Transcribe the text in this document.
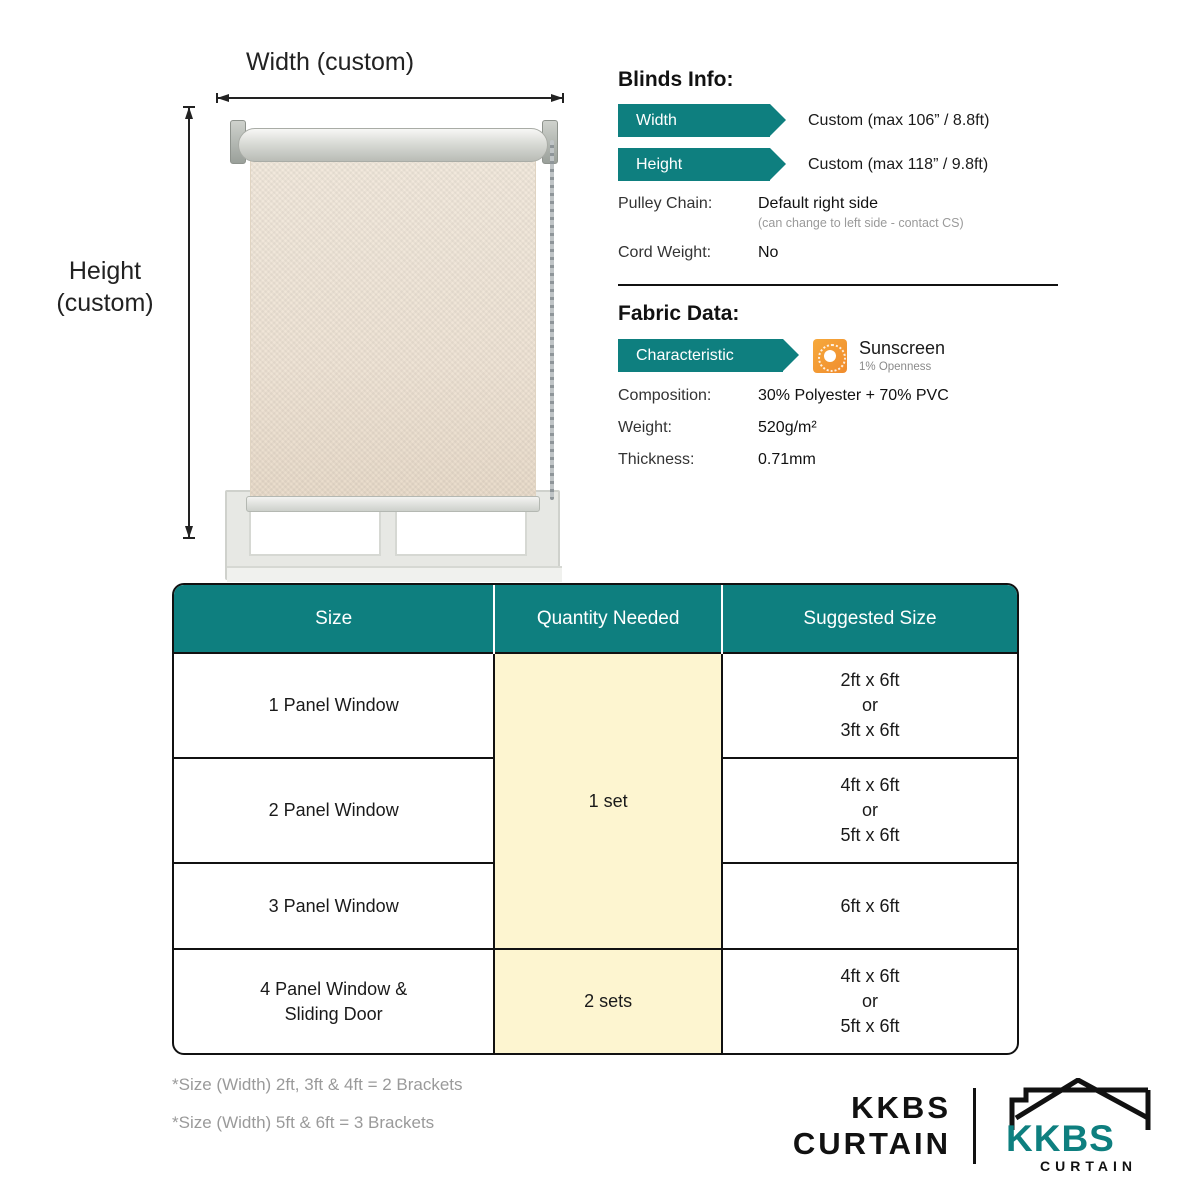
Width (custom)
Height
(custom)
Blinds Info:
Width	Custom (max 106” / 8.8ft)
Height	Custom (max 118” / 9.8ft)
Pulley Chain:	Default right side
(can change to left side - contact CS)
Cord Weight:	No
Fabric Data:
Characteristic	Sunscreen
1% Openness
Composition:	30% Polyester + 70% PVC
Weight:	520g/m²
Thickness:	0.71mm
Size	Quantity Needed	Suggested Size
1 Panel Window	1 set	2ft x 6ft
or
3ft x 6ft
2 Panel Window		4ft x 6ft
or
5ft x 6ft
3 Panel Window		6ft x 6ft
4 Panel Window &
Sliding Door	2 sets	4ft x 6ft
or
5ft x 6ft
*Size (Width) 2ft, 3ft & 4ft = 2 Brackets
*Size (Width) 5ft & 6ft = 3 Brackets	KKBS
CURTAIN KKBS
CURTAIN
